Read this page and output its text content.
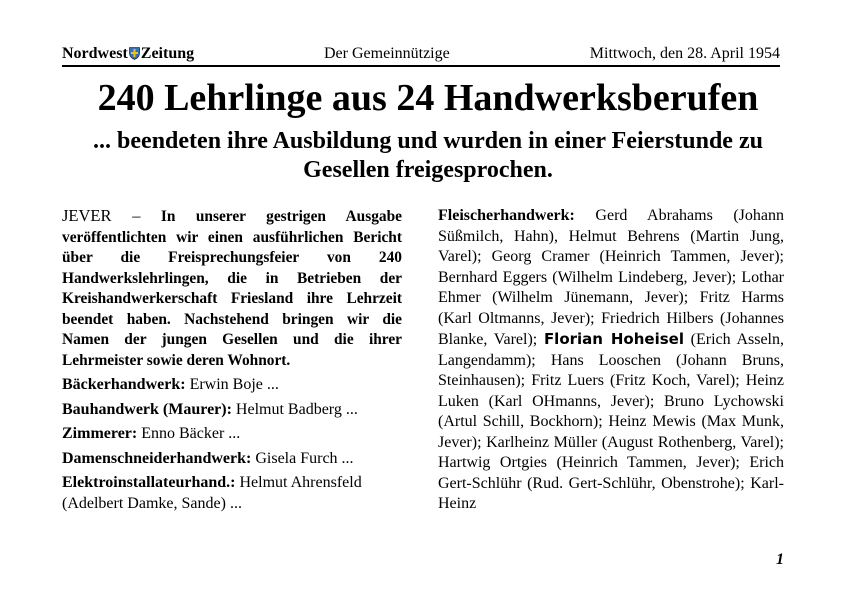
Nordwest Zeitung	Der Gemeinnützige	Mittwoch, den 28. April 1954
240 Lehrlinge aus 24 Handwerksberufen
... beendeten ihre Ausbildung und wurden in einer Feierstunde zu Gesellen freigesprochen.

JEVER – In unserer gestrigen Ausgabe veröffentlichten wir einen ausführlichen Bericht über die Freisprechungsfeier von 240 Handwerkslehrlingen, die in Betrieben der Kreishandwerkerschaft Friesland ihre Lehrzeit beendet haben. Nachstehend bringen wir die Namen der jungen Gesellen und die ihrer Lehrmeister sowie deren Wohnort.

Bäckerhandwerk: Erwin Boje ...

Bauhandwerk (Maurer): Helmut Badberg ...

Zimmerer: Enno Bäcker ...

Damenschneiderhandwerk: Gisela Furch ...

Elektroinstallateurhand.: Helmut Ahrensfeld (Adelbert Damke, Sande) ...

Fleischerhandwerk: Gerd Abrahams (Johann Süßmilch, Hahn), Helmut Behrens (Martin Jung, Varel); Georg Cramer (Heinrich Tammen, Jever); Bernhard Eggers (Wilhelm Lindeberg, Jever); Lothar Ehmer (Wilhelm Jünemann, Jever); Fritz Harms (Karl Oltmanns, Jever); Friedrich Hilbers (Johannes Blanke, Varel); Florian Hoheisel (Erich Asseln, Langendamm); Hans Looschen (Johann Bruns, Steinhausen); Fritz Luers (Fritz Koch, Varel); Heinz Luken (Karl OHmanns, Jever); Bruno Lychowski (Artul Schill, Bockhorn); Heinz Mewis (Max Munk, Jever); Karlheinz Müller (August Rothenberg, Varel); Hartwig Ortgies (Heinrich Tammen, Jever); Erich Gert-Schlühr (Rud. Gert-Schlühr, Obenstrohe); Karl-Heinz

1
